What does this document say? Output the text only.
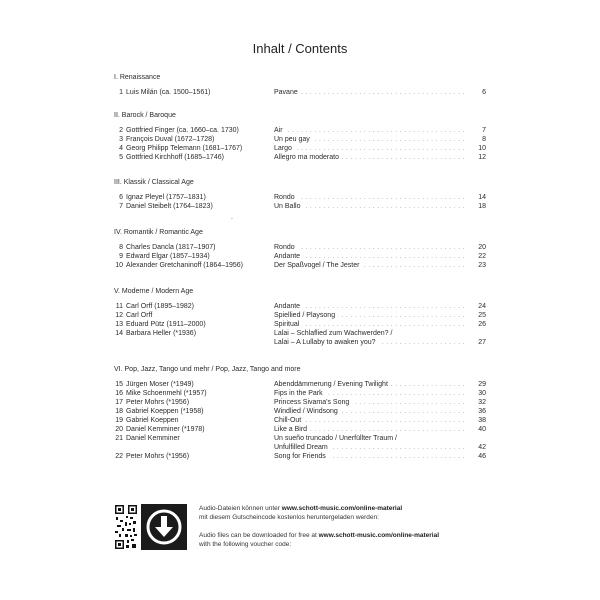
Inhalt / Contents
I. Renaissance
1 Luis Milán (ca. 1500–1561)	Pavane . . .	6
II. Barock / Baroque
2 Gottfried Finger (ca. 1660–ca. 1730)	Air . . .	7
3 François Duval (1672–1728)	Un peu gay . . .	8
4 Georg Philipp Telemann (1681–1767)	Largo . . .	10
5 Gottfried Kirchhoff (1685–1746)	Allegro ma moderato . . .	12
III. Klassik / Classical Age
6 Ignaz Pleyel (1757–1831)	Rondo . . .	14
7 Daniel Steibelt (1764–1823)	Un Ballo . . .	18
.
IV. Romantik / Romantic Age
8 Charles Dancla (1817–1907)	Rondo . . .	20
9 Edward Elgar (1857–1934)	Andante . . .	22
10 Alexander Gretchaninoff (1864–1956)	Der Spaßvogel / The Jester . . .	23
V. Moderne / Modern Age
11 Carl Orff (1895–1982)	Andante . . .	24
12 Carl Orff	Spiellied / Playsong . . .	25
13 Eduard Pütz (1911–2000)	Spiritual . . .	26
14 Barbara Heller (*1936)	Lalai – Schlaflied zum Wachwerden? /
Lalai – A Lullaby to awaken you? . . .	27
VI. Pop, Jazz, Tango und mehr / Pop, Jazz, Tango and more
15 Jürgen Moser (*1949)	Abenddämmerung / Evening Twilight . . .	29
16 Mike Schoenmehl (*1957)	Fips in the Park . . .	30
17 Peter Mohrs (*1956)	Princess Sivama's Song . . .	32
18 Gabriel Koeppen (*1958)	Windlied / Windsong . . .	36
19 Gabriel Koeppen	Chill-Out . . .	38
20 Daniel Kemminer (*1978)	Like a Bird . . .	40
21 Daniel Kemminer	Un sueño truncado / Unerfüllter Traum /
Unfulfilled Dream . . .	42
22 Peter Mohrs (*1956)	Song for Friends . . .	46
Audio-Dateien können unter www.schott-music.com/online-material
mit diesem Gutscheincode kostenlos heruntergeladen werden:
Audio files can be downloaded for free at www.schott-music.com/online-material
with the following voucher code:
